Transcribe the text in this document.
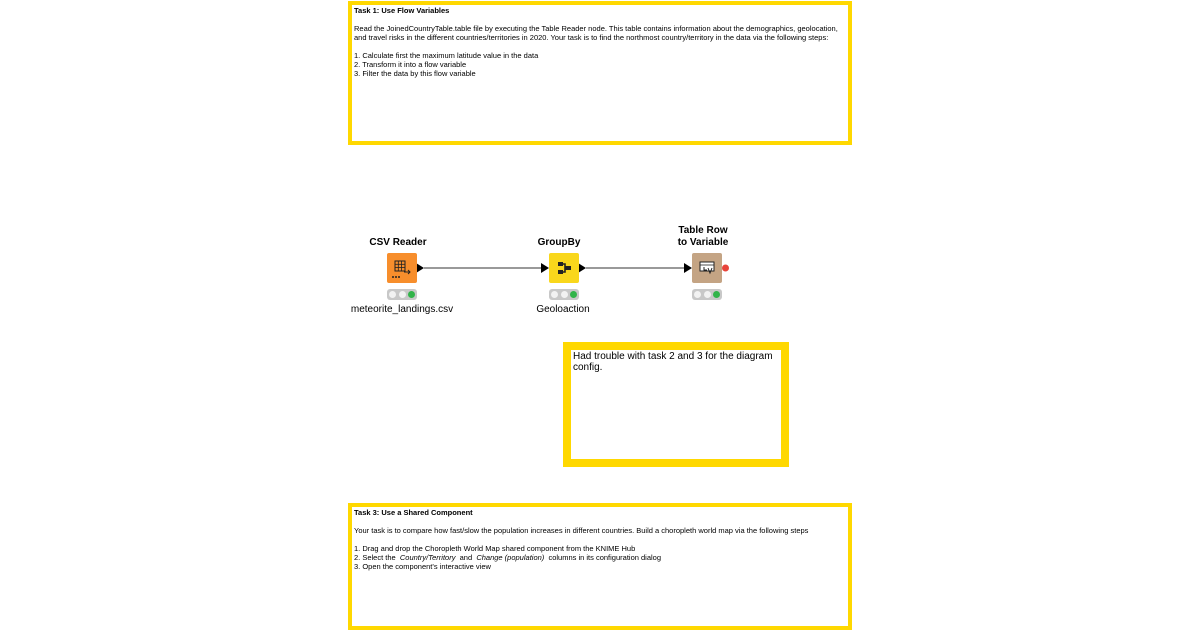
Task 1: Use Flow Variables
Read the JoinedCountryTable.table file by executing the Table Reader node. This table contains information about the demographics, geolocation, and travel risks in the different countries/territories in 2020. Your task is to find the northmost country/territory in the data via the following steps:
1. Calculate first the maximum latitude value in the data
2. Transform it into a flow variable
3. Filter the data by this flow variable
CSV Reader
meteorite_landings.csv
GroupBy
Geoloaction
Table Row
to Variable
Had trouble with task 2 and 3 for the diagram config.
Task 3: Use a Shared Component
Your task is to compare how fast/slow the population increases in different countries. Build a choropleth world map via the following steps
1. Drag and drop the Choropleth World Map shared component from the KNIME Hub
2. Select the Country/Territory and Change (population) columns in its configuration dialog
3. Open the component's interactive view
